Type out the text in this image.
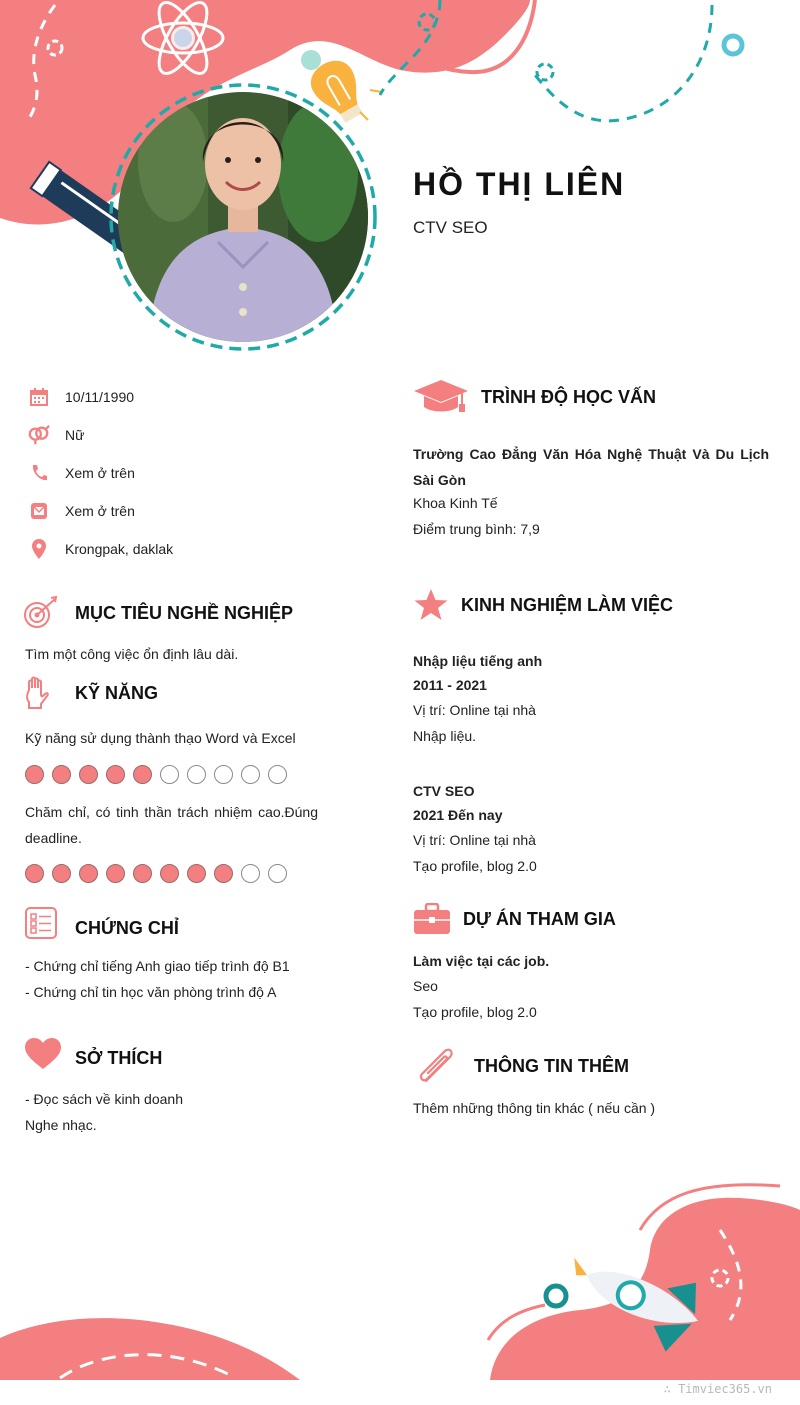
HỒ THỊ LIÊN
CTV SEO
10/11/1990
Nữ
Xem ở trên
Xem ở trên
Krongpak, daklak
MỤC TIÊU NGHỀ NGHIỆP

Tìm một công việc ổn định lâu dài.

KỸ NĂNG

Kỹ năng sử dụng thành thạo Word và Excel

Chăm chỉ, có tinh thần trách nhiệm cao.Đúng deadline.

CHỨNG CHỈ

- Chứng chỉ tiếng Anh giao tiếp trình độ B1

- Chứng chỉ tin học văn phòng trình độ A

SỞ THÍCH

- Đọc sách về kinh doanh

Nghe nhạc.

TRÌNH ĐỘ HỌC VẤN

Trường Cao Đẳng Văn Hóa Nghệ Thuật Và Du Lịch Sài Gòn

Khoa Kinh Tế

Điểm trung bình: 7,9

KINH NGHIỆM LÀM VIỆC

Nhập liệu tiếng anh

2011 - 2021

Vị trí: Online tại nhà

Nhập liệu.

CTV SEO

2021 Đến nay

Vị trí: Online tại nhà

Tạo profile, blog 2.0

DỰ ÁN THAM GIA

Làm việc tại các job.

Seo

Tạo profile, blog 2.0

THÔNG TIN THÊM

Thêm những thông tin khác ( nếu cần )

∴ Timviec365.vn
